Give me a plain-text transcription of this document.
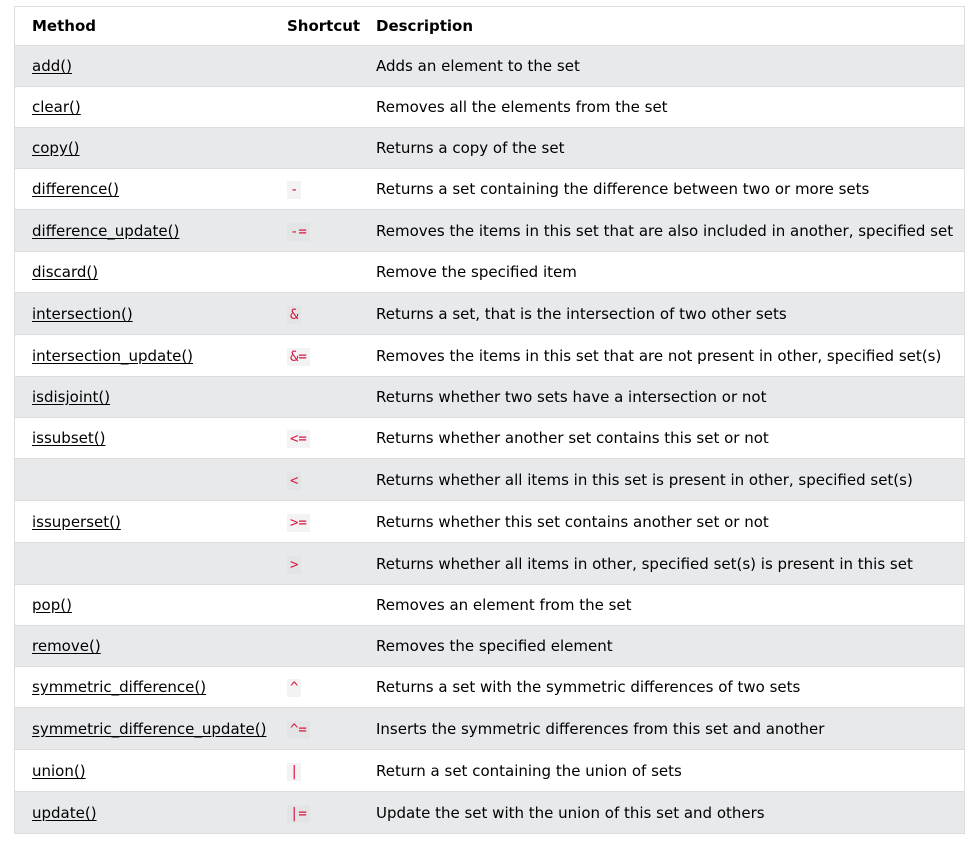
Method	Shortcut	Description
add()		Adds an element to the set
clear()		Removes all the elements from the set
copy()		Returns a copy of the set
difference()	-	Returns a set containing the difference between two or more sets
difference_update()	-=	Removes the items in this set that are also included in another, specified set
discard()		Remove the specified item
intersection()	&	Returns a set, that is the intersection of two other sets
intersection_update()	&=	Removes the items in this set that are not present in other, specified set(s)
isdisjoint()		Returns whether two sets have a intersection or not
issubset()	<=	Returns whether another set contains this set or not
	<	Returns whether all items in this set is present in other, specified set(s)
issuperset()	>=	Returns whether this set contains another set or not
	>	Returns whether all items in other, specified set(s) is present in this set
pop()		Removes an element from the set
remove()		Removes the specified element
symmetric_difference()	^	Returns a set with the symmetric differences of two sets
symmetric_difference_update()	^=	Inserts the symmetric differences from this set and another
union()	|	Return a set containing the union of sets
update()	|=	Update the set with the union of this set and others
